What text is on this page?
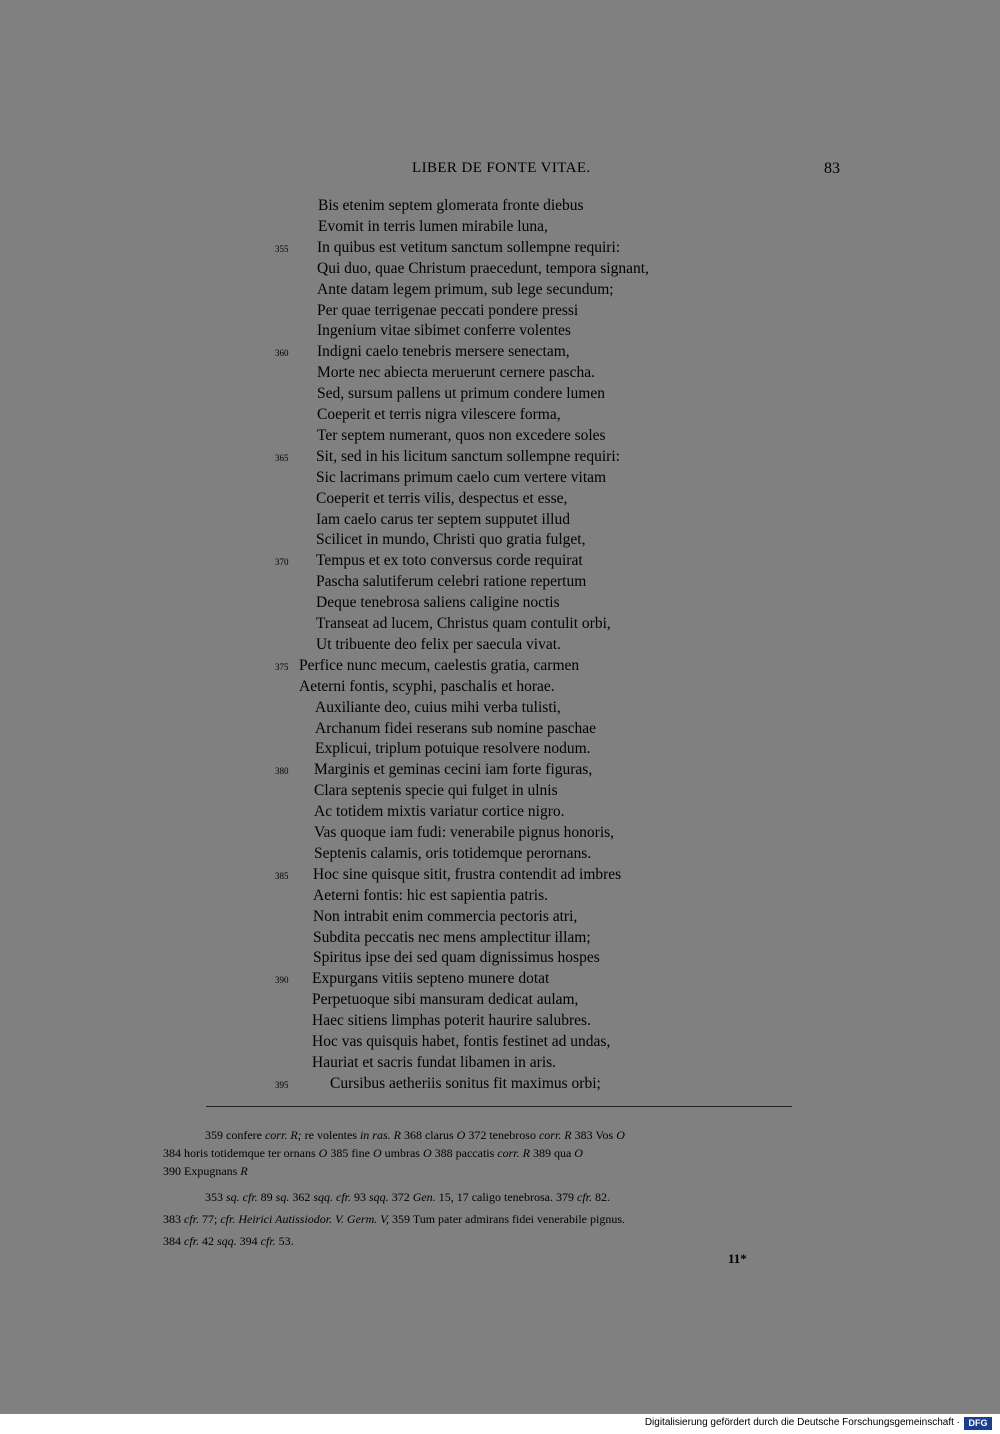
LIBER DE FONTE VITAE.	83
Bis etenim septem glomerata fronte diebus
Evomit in terris lumen mirabile luna,
In quibus est vetitum sanctum sollempne requiri:
355
Qui duo, quae Christum praecedunt, tempora signant,
Ante datam legem primum, sub lege secundum;
Per quae terrigenae peccati pondere pressi
Ingenium vitae sibimet conferre volentes
Indigni caelo tenebris mersere senectam,
360
Morte nec abiecta meruerunt cernere pascha.
Sed, sursum pallens ut primum condere lumen
Coeperit et terris nigra vilescere forma,
Ter septem numerant, quos non excedere soles
Sit, sed in his licitum sanctum sollempne requiri:
365
Sic lacrimans primum caelo cum vertere vitam
Coeperit et terris vilis, despectus et esse,
Iam caelo carus ter septem supputet illud
Scilicet in mundo, Christi quo gratia fulget,
Tempus et ex toto conversus corde requirat
370
Pascha salutiferum celebri ratione repertum
Deque tenebrosa saliens caligine noctis
Transeat ad lucem, Christus quam contulit orbi,
Ut tribuente deo felix per saecula vivat.
Perfice nunc mecum, caelestis gratia, carmen
375
Aeterni fontis, scyphi, paschalis et horae.
Auxiliante deo, cuius mihi verba tulisti,
Archanum fidei reserans sub nomine paschae
Explicui, triplum potuique resolvere nodum.
Marginis et geminas cecini iam forte figuras,
380
Clara septenis specie qui fulget in ulnis
Ac totidem mixtis variatur cortice nigro.
Vas quoque iam fudi: venerabile pignus honoris,
Septenis calamis, oris totidemque perornans.
Hoc sine quisque sitit, frustra contendit ad imbres
385
Aeterni fontis: hic est sapientia patris.
Non intrabit enim commercia pectoris atri,
Subdita peccatis nec mens amplectitur illam;
Spiritus ipse dei sed quam dignissimus hospes
Expurgans vitiis septeno munere dotat
390
Perpetuoque sibi mansuram dedicat aulam,
Haec sitiens limphas poterit haurire salubres.
Hoc vas quisquis habet, fontis festinet ad undas,
Hauriat et sacris fundat libamen in aris.
Cursibus aetheriis sonitus fit maximus orbi;
395
359 confere corr. R; re volentes in ras. R 368 clarus O 372 tenebroso corr. R 383 Vos O
384 horis totidemque ter ornans O 385 fine O umbras O 388 paccatis corr. R 389 qua O
390 Expugnans R
353 sq. cfr. 89 sq. 362 sqq. cfr. 93 sqq. 372 Gen. 15, 17 caligo tenebrosa. 379 cfr. 82.
383 cfr. 77; cfr. Heirici Autissiodor. V. Germ. V, 359 Tum pater admirans fidei venerabile pignus.
384 cfr. 42 sqq. 394 cfr. 53.
11*
Digitalisierung gefördert durch die Deutsche Forschungsgemeinschaft · DFG
